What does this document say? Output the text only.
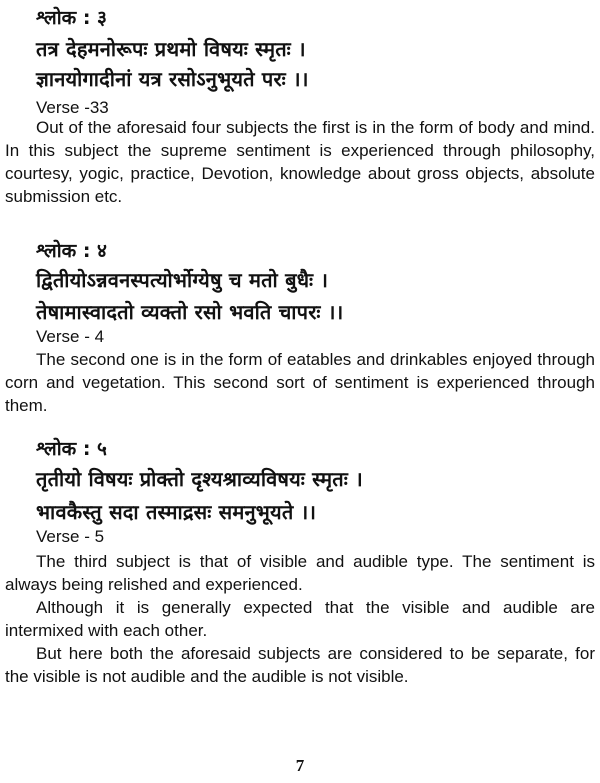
श्लोक : ३

तत्र देहमनोरूपः प्रथमो विषयः स्मृतः ।

ज्ञानयोगादीनां यत्र रसोऽनुभूयते परः ।।

Verse -33

Out of the aforesaid four subjects the first is in the form of body and mind. In this subject the supreme sentiment is experienced through philosophy, courtesy, yogic, practice, Devotion, knowledge about gross objects, absolute submission etc.

श्लोक : ४

द्वितीयोऽन्नवनस्पत्योर्भोग्येषु च मतो बुधैः ।

तेषामास्वादतो व्यक्तो रसो भवति चापरः ।।

Verse - 4

The second one is in the form of eatables and drinkables enjoyed through corn and vegetation. This second sort of sentiment is experienced through them.

श्लोक : ५

तृतीयो विषयः प्रोक्तो दृश्यश्राव्यविषयः स्मृतः ।

भावकैस्तु सदा तस्माद्रसः समनुभूयते ।।

Verse - 5

The third subject is that of visible and audible type. The sentiment is always being relished and experienced.

Although it is generally expected that the visible and audible are intermixed with each other.

But here both the aforesaid subjects are considered to be separate, for the visible is not audible and the audible is not visible.

7
